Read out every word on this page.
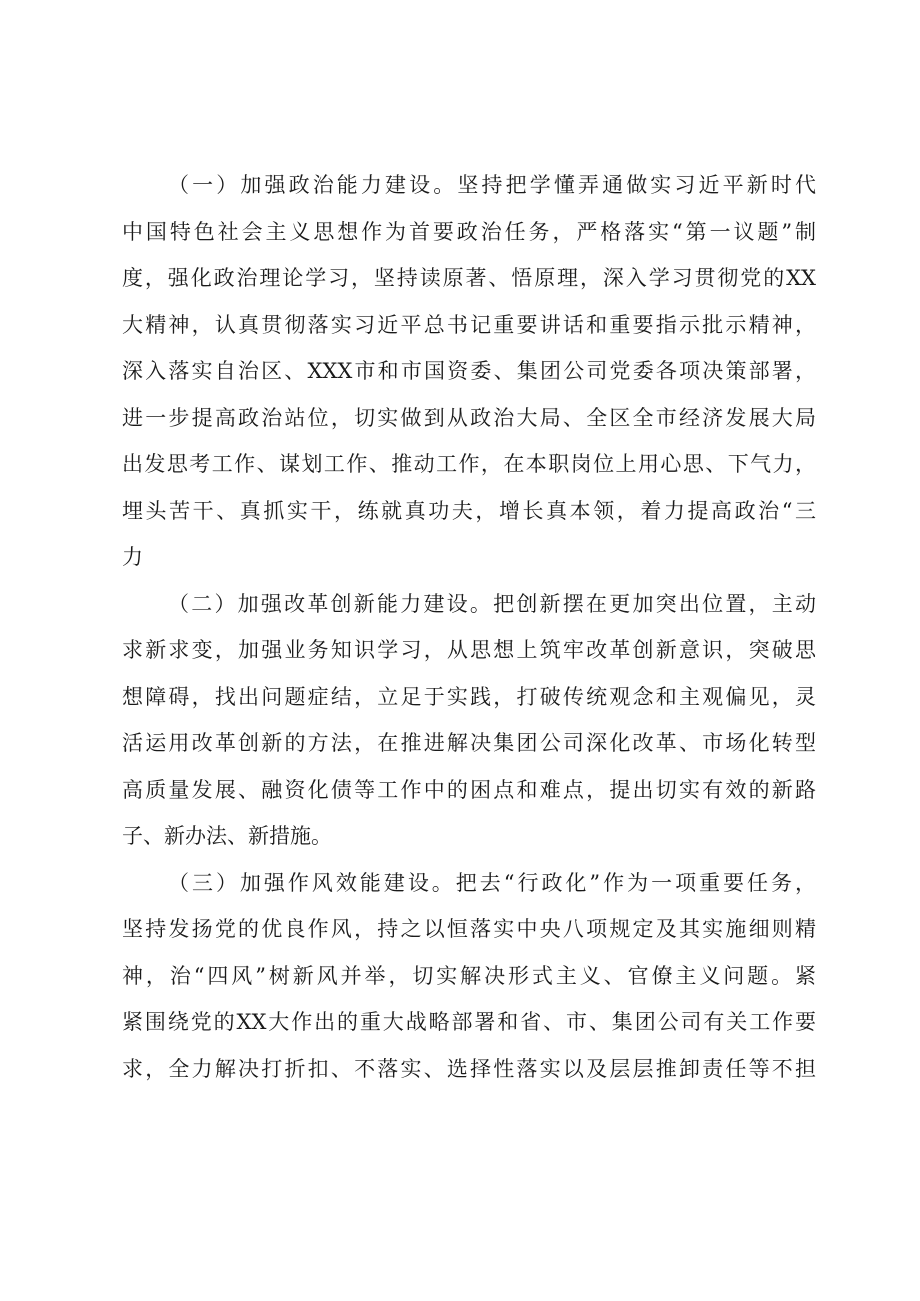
（一）加强政治能力建设。坚持把学懂弄通做实习近平新时代
中国特色社会主义思想作为首要政治任务，严格落实“第一议题”制
度，强化政治理论学习，坚持读原著、悟原理，深入学习贯彻党的XX
大精神，认真贯彻落实习近平总书记重要讲话和重要指示批示精神，
深入落实自治区、XXX市和市国资委、集团公司党委各项决策部署，
进一步提高政治站位，切实做到从政治大局、全区全市经济发展大局
出发思考工作、谋划工作、推动工作，在本职岗位上用心思、下气力，
埋头苦干、真抓实干，练就真功夫，增长真本领，着力提高政治“三
力
（二）加强改革创新能力建设。把创新摆在更加突出位置，主动
求新求变，加强业务知识学习，从思想上筑牢改革创新意识，突破思
想障碍，找出问题症结，立足于实践，打破传统观念和主观偏见，灵
活运用改革创新的方法，在推进解决集团公司深化改革、市场化转型
高质量发展、融资化债等工作中的困点和难点，提出切实有效的新路
子、新办法、新措施。
（三）加强作风效能建设。把去“行政化”作为一项重要任务，
坚持发扬党的优良作风，持之以恒落实中央八项规定及其实施细则精
神，治“四风”树新风并举，切实解决形式主义、官僚主义问题。紧
紧围绕党的XX大作出的重大战略部署和省、市、集团公司有关工作要
求，全力解决打折扣、不落实、选择性落实以及层层推卸责任等不担
